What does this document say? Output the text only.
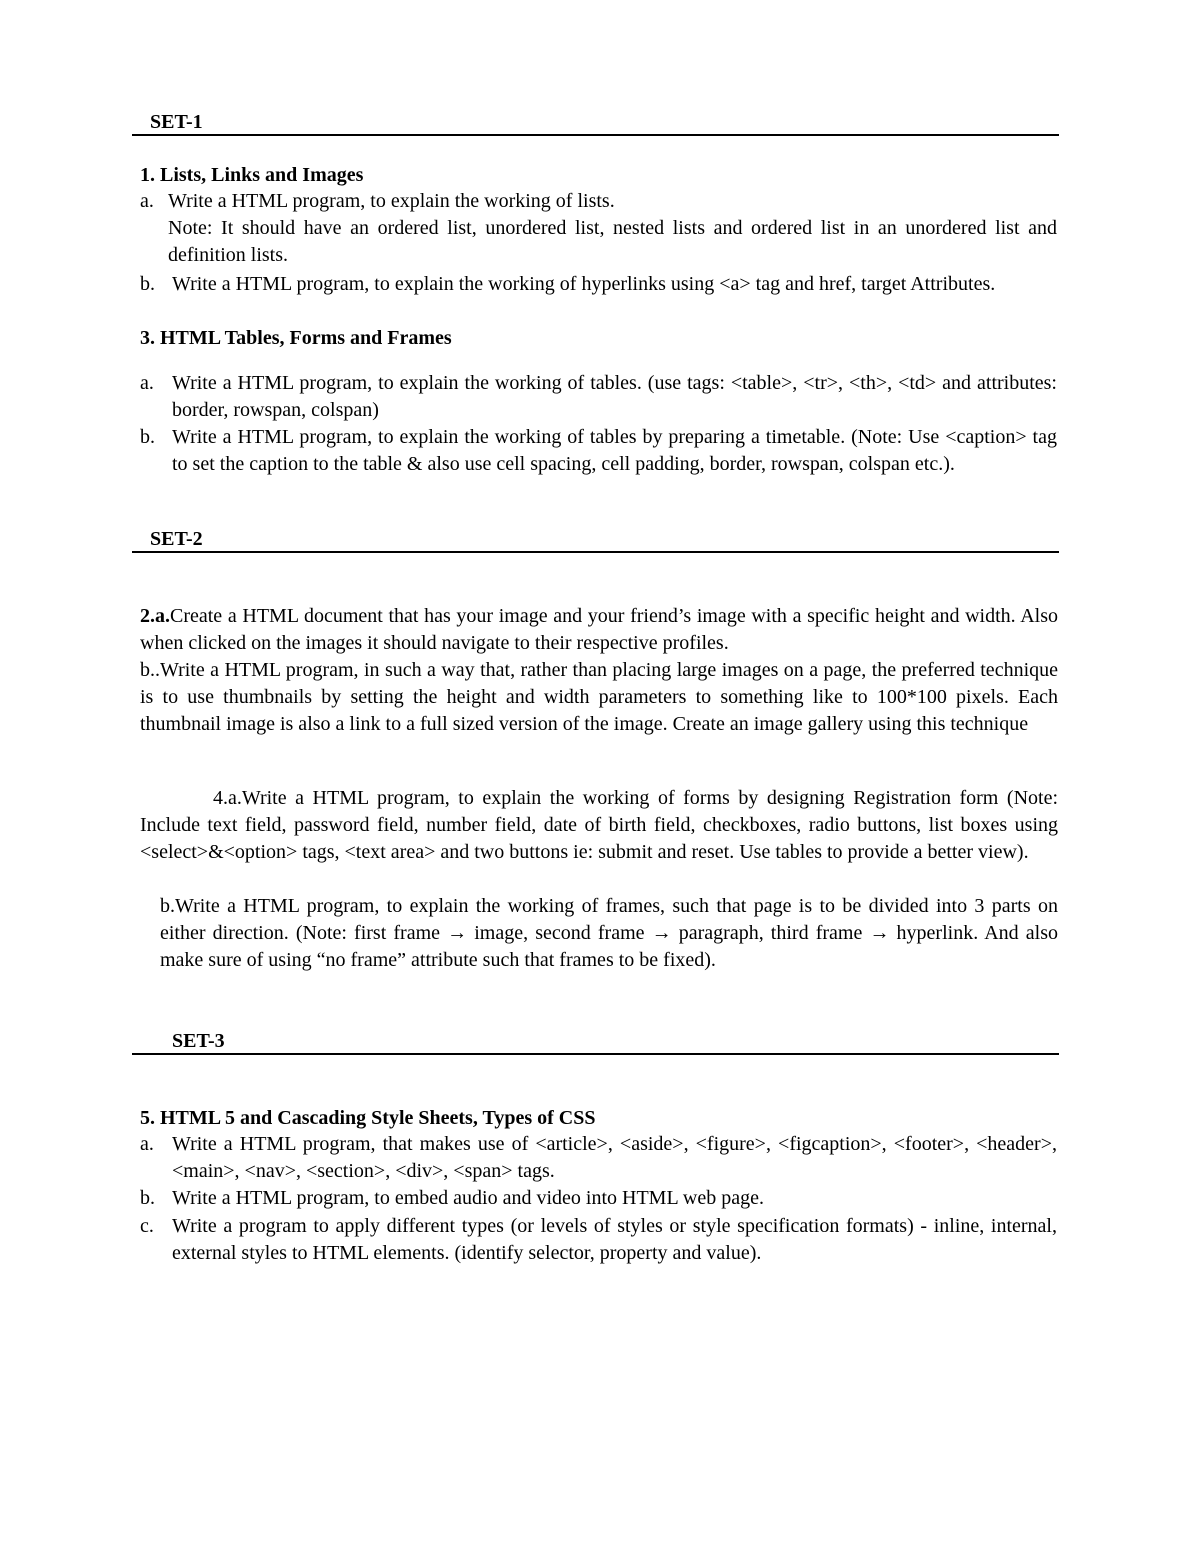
SET-1

1. Lists, Links and Images

a. Write a HTML program, to explain the working of lists.
Note: It should have an ordered list, unordered list, nested lists and ordered list in an unordered list and definition lists.
b. Write a HTML program, to explain the working of hyperlinks using <a> tag and href, target Attributes.

3. HTML Tables, Forms and Frames

a. Write a HTML program, to explain the working of tables. (use tags: <table>, <tr>, <th>, <td> and attributes: border, rowspan, colspan)
b. Write a HTML program, to explain the working of tables by preparing a timetable. (Note: Use <caption> tag to set the caption to the table & also use cell spacing, cell padding, border, rowspan, colspan etc.).
SET-2

2.a.Create a HTML document that has your image and your friend’s image with a specific height and width. Also when clicked on the images it should navigate to their respective profiles.

b..Write a HTML program, in such a way that, rather than placing large images on a page, the preferred technique is to use thumbnails by setting the height and width parameters to something like to 100*100 pixels. Each thumbnail image is also a link to a full sized version of the image. Create an image gallery using this technique

4.a.Write a HTML program, to explain the working of forms by designing Registration form (Note: Include text field, password field, number field, date of birth field, checkboxes, radio buttons, list boxes using <select>&<option> tags, <text area> and two buttons ie: submit and reset. Use tables to provide a better view).

b.Write a HTML program, to explain the working of frames, such that page is to be divided into 3 parts on either direction. (Note: first frame → image, second frame → paragraph, third frame → hyperlink. And also make sure of using “no frame” attribute such that frames to be fixed).

SET-3

5. HTML 5 and Cascading Style Sheets, Types of CSS

a. Write a HTML program, that makes use of <article>, <aside>, <figure>, <figcaption>, <footer>, <header>, <main>, <nav>, <section>, <div>, <span> tags.
b. Write a HTML program, to embed audio and video into HTML web page.
c. Write a program to apply different types (or levels of styles or style specification formats) - inline, internal, external styles to HTML elements. (identify selector, property and value).
